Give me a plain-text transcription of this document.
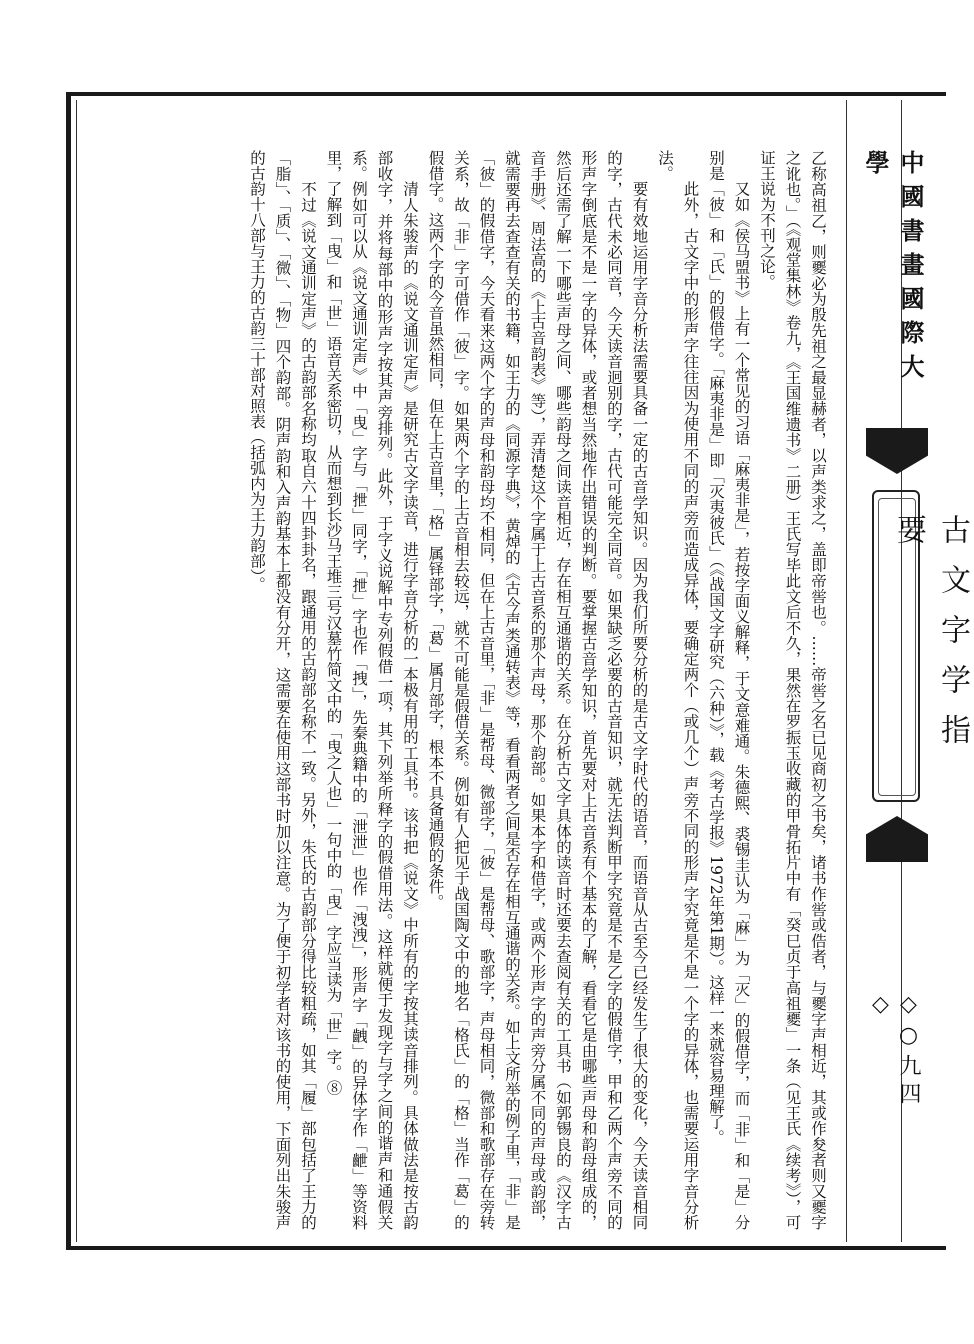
中國書畫國際大學
古文字学指要
◇○九四◇

乙称高祖乙，则夒必为殷先祖之最显赫者，以声类求之，盖即帝喾也。……帝喾之名已见商初之书矣，诸书作喾或俈者，与夒字声相近，其或作夋者则又夒字之讹也。」（《观堂集林》卷九，《王国维遗书》二册）王氏写毕此文后不久，果然在罗振玉收藏的甲骨拓片中有「癸巳贞于高祖夒」一条（见王氏《续考》），可证王说为不刊之论。

又如《侯马盟书》上有一个常见的习语「麻夷非是」，若按字面义解释，于文意难通。朱德熙、裘锡圭认为「麻」为「灭」的假借字，而「非」和「是」分别是「彼」和「氏」的假借字。「麻夷非是」即「灭夷彼氏」（《战国文字研究（六种）》，载《考古学报》1972年第1期）。这样一来就容易理解了。

此外，古文字中的形声字往往因为使用不同的声旁而造成异体，要确定两个（或几个）声旁不同的形声字究竟是不是一个字的异体，也需要运用字音分析法。

要有效地运用字音分析法需要具备一定的古音学知识。因为我们所要分析的是古文字时代的语音，而语音从古至今已经发生了很大的变化，今天读音相同的字，古代未必同音，今天读音迥别的字，古代可能完全同音。如果缺乏必要的古音知识，就无法判断甲字究竟是不是乙字的假借字，甲和乙两个声旁不同的形声字倒底是不是一字的异体，或者想当然地作出错误的判断。要掌握古音学知识，首先要对上古音系有个基本的了解，看看它是由哪些声母和韵母组成的，然后还需了解一下哪些声母之间、哪些韵母之间读音相近，存在相互通谐的关系。在分析古文字具体的读音时还要去查阅有关的工具书（如郭锡良的《汉字古音手册》、周法高的《上古音韵表》等），弄清楚这个字属于上古音系的那个声母，那个韵部。如果本字和借字，或两个形声字的声旁分属不同的声母或韵部，就需要再去查查有关的书籍，如王力的《同源字典》，黄焯的《古今声类通转表》等，看看两者之间是否存在相互通谐的关系。如上文所举的例子里，「非」是「彼」的假借字，今天看来这两个字的声母和韵母均不相同，但在上古音里，「非」是帮母、微部字，「彼」是帮母、歌部字，声母相同，微部和歌部存在旁转关系，故「非」字可借作「彼」字。如果两个字的上古音相去较远，就不可能是假借关系。例如有人把见于战国陶文中的地名「格氏」的「格」当作「葛」的假借字。这两个字的今音虽然相同，但在上古音里，「格」属铎部字，「葛」属月部字，根本不具备通假的条件。

清人朱骏声的《说文通训定声》是研究古文字读音，进行字音分析的一本极有用的工具书。该书把《说文》中所有的字按其读音排列。具体做法是按古韵部收字，并将每部中的形声字按其声旁排列。此外，于字义说解中专列假借一项，其下列举所释字的假借用法。这样就便于发现字与字之间的谐声和通假关系。例如可以从《说文通训定声》中「曳」字与「抴」同字，「抴」字也作「拽」，先秦典籍中的「泄泄」也作「洩洩」，形声字「齥」的异体字作「齛」等资料里，了解到「曳」和「世」语音关系密切，从而想到长沙马王堆三号汉墓竹简文中的「曳之人也」一句中的「曳」字应当读为「世」字。⑧

不过《说文通训定声》的古韵部名称均取自六十四卦卦名，跟通用的古韵部名称不一致。另外，朱氏的古韵部分得比较粗疏，如其「履」部包括了王力的「脂」、「质」、「微」、「物」四个韵部。阴声韵和入声韵基本上都没有分开，这需要在使用这部书时加以注意。为了便于初学者对该书的使用，下面列出朱骏声的古韵十八部与王力的古韵三十部对照表（括弧内为王力韵部）。
